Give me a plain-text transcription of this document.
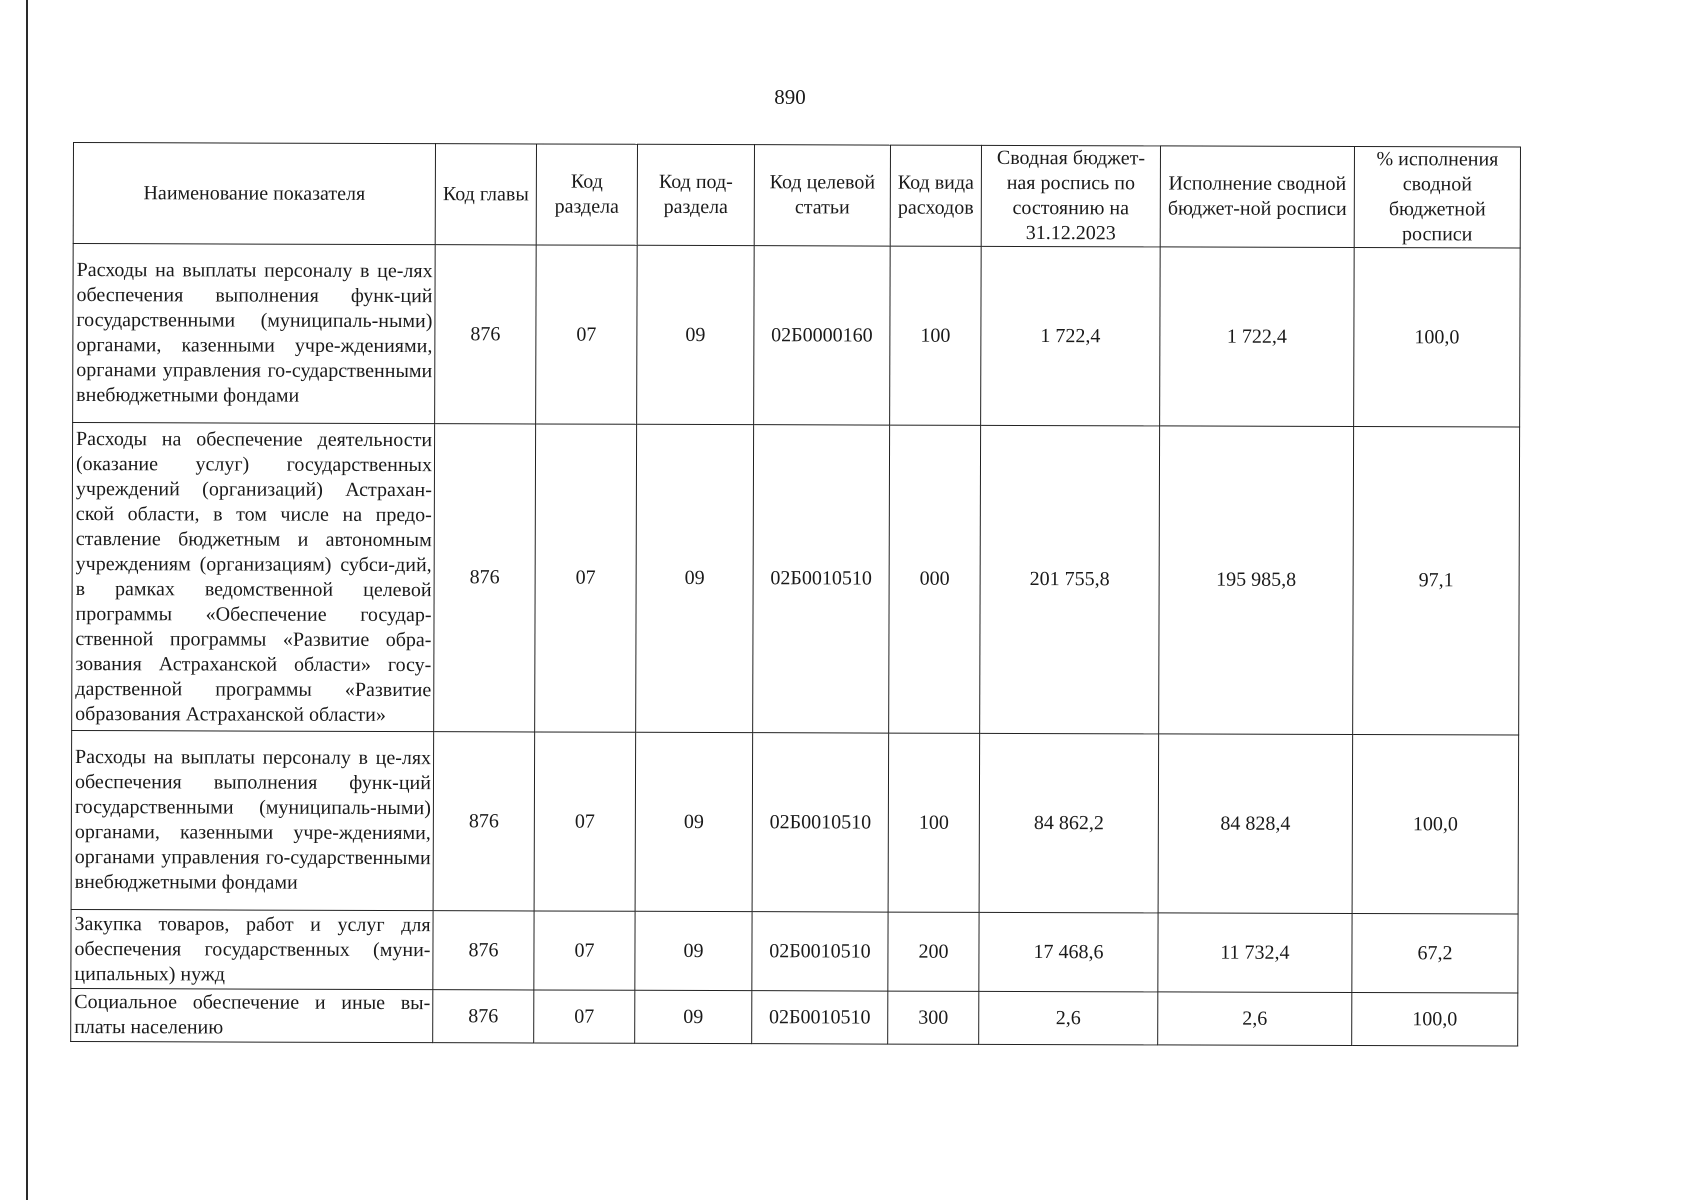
890
Наименование показателя	Код главы	Код раздела	Код под-раздела	Код целевой статьи	Код вида расходов	Сводная бюджет-ная роспись по состоянию на 31.12.2023	Исполнение сводной бюджет-ной росписи	% исполнения сводной бюджетной росписи
Расходы на выплаты персоналу в це-лях обеспечения выполнения функ-ций государственными (муниципаль-ными) органами, казенными учре-ждениями, органами управления го-сударственными внебюджетными фондами	876	07	09	02Б0000160	100	1 722,4	1 722,4	100,0
Расходы на обеспечение деятельности (оказание услуг) государственных учреждений (организаций) Астрахан-ской области, в том числе на предо-ставление бюджетным и автономным учреждениям (организациям) субси-дий, в рамках ведомственной целевой программы «Обеспечение государ-ственной программы «Развитие обра-зования Астраханской области» госу-дарственной программы «Развитие образования Астраханской области»	876	07	09	02Б0010510	000	201 755,8	195 985,8	97,1
Расходы на выплаты персоналу в це-лях обеспечения выполнения функ-ций государственными (муниципаль-ными) органами, казенными учре-ждениями, органами управления го-сударственными внебюджетными фондами	876	07	09	02Б0010510	100	84 862,2	84 828,4	100,0
Закупка товаров, работ и услуг для обеспечения государственных (муни-ципальных) нужд	876	07	09	02Б0010510	200	17 468,6	11 732,4	67,2
Социальное обеспечение и иные вы-платы населению	876	07	09	02Б0010510	300	2,6	2,6	100,0
